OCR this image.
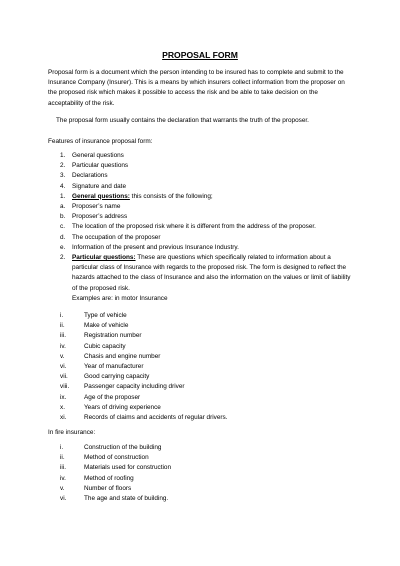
PROPOSAL FORM

Proposal form is a document which the person intending to be insured has to complete and submit to the Insurance Company (Insurer). This is a means by which insurers collect information from the proposer on the proposed risk which makes it possible to access the risk and be able to take decision on the acceptability of the risk.

The proposal form usually contains the declaration that warrants the truth of the proposer.

Features of insurance proposal form:

1. General questions
2. Particular questions
3. Declarations
4. Signature and date
1. General questions: this consists of the following;
a. Proposer’s name
b. Proposer’s address
c. The location of the proposed risk where it is different from the address of the proposer.
d. The occupation of the proposer
e. Information of the present and previous Insurance Industry.
2. Particular questions: These are questions which specifically related to information about a particular class of Insurance with regards to the proposed risk. The form is designed to reflect the hazards attached to the class of Insurance and also the information on the values or limit of liability of the proposed risk.
Examples are: in motor Insurance
i.	Type of vehicle
ii.	Make of vehicle
iii.	Registration number
iv.	Cubic capacity
v.	Chasis and engine number
vi.	Year of manufacturer
vii.	Good carrying capacity
viii. Passenger capacity including driver
ix.	Age of the proposer
x.	Years of driving experience
xi.	Records of claims and accidents of regular drivers.

In fire insurance:

i.	Construction of the building
ii.	Method of construction
iii.	Materials used for construction
iv.	Method of roofing
v.	Number of floors
vi.	The age and state of building.
